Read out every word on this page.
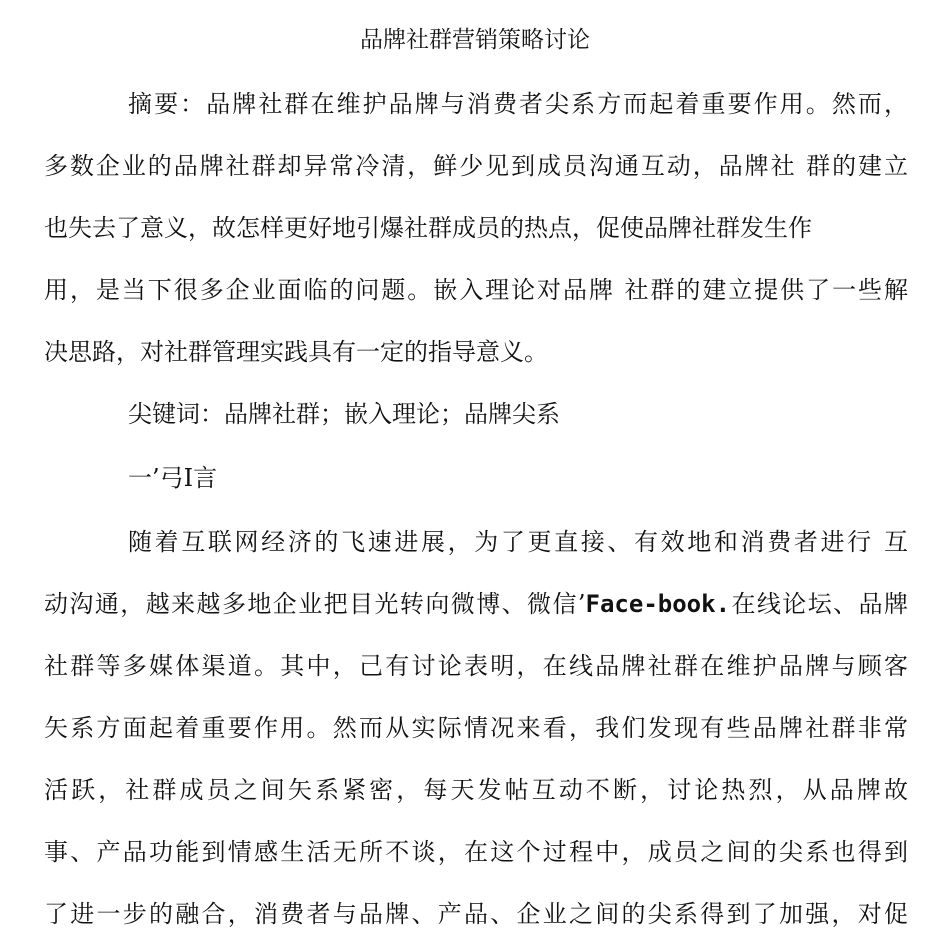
品牌社群营销策略讨论
摘要：品牌社群在维护品牌与消费者尖系方而起着重要作用。然而，
多数企业的品牌社群却异常冷清，鲜少见到成员沟通互动，品牌社 群的建立
也失去了意义，故怎样更好地引爆社群成员的热点，促使品牌社群发生作
用，是当下很多企业面临的问题。嵌入理论对品牌 社群的建立提供了一些解
决思路，对社群管理实践具有一定的指导意义。
尖键词：品牌社群；嵌入理论；品牌尖系
一’弓I言
随着互联网经济的飞速进展，为了更直接、有效地和消费者进行 互
动沟通，越来越多地企业把目光转向微博、微信’Face-book.在线论坛、品牌
社群等多媒体渠道。其中，己有讨论表明，在线品牌社群在维护品牌与顾客
矢系方面起着重要作用。然而从实际情况来看，我们发现有些品牌社群非常
活跃，社群成员之间矢系紧密，每天发帖互动不断，讨论热烈，从品牌故
事、产品功能到情感生活无所不谈，在这个过程中，成员之间的尖系也得到
了进一步的融合，消费者与品牌、产品、企业之间的尖系得到了加强，对促
